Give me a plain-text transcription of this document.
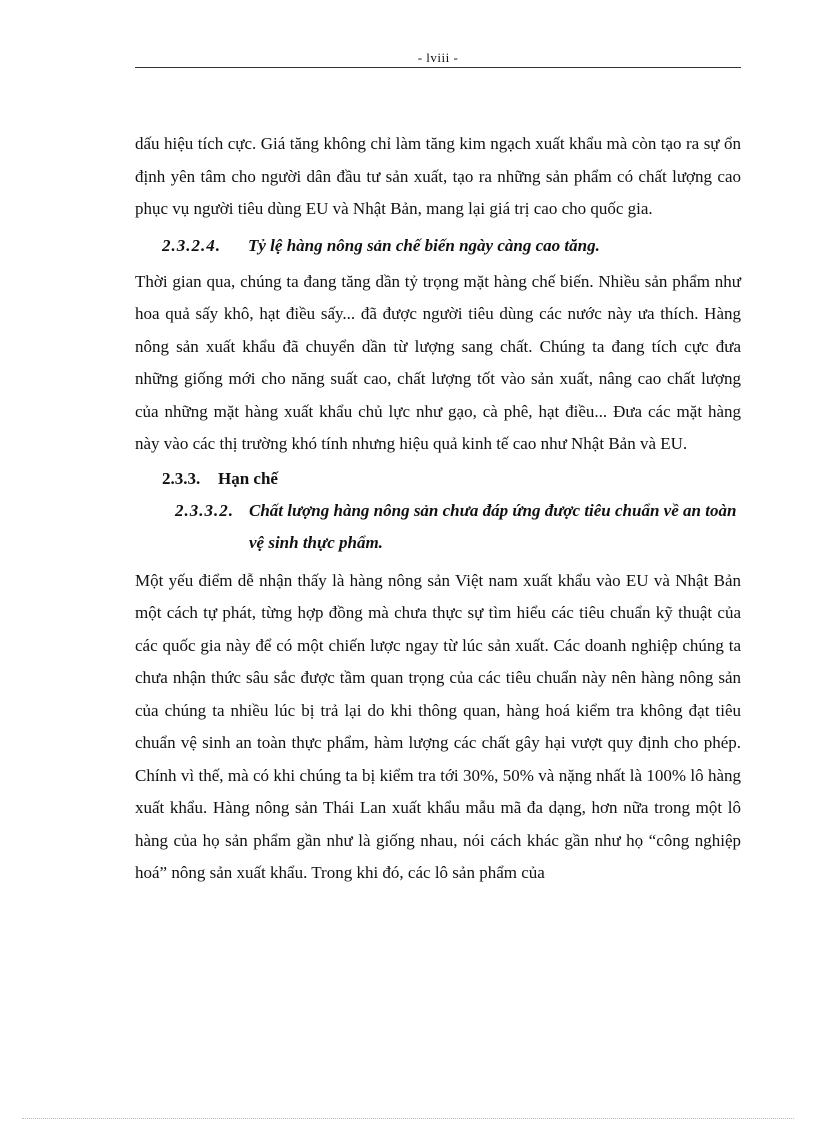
- lviii -

dấu hiệu tích cực. Giá tăng không chỉ làm tăng kim ngạch xuất khẩu mà còn tạo ra sự ổn định yên tâm cho người dân đầu tư sản xuất, tạo ra những sản phẩm có chất lượng cao phục vụ người tiêu dùng EU và Nhật Bản, mang lại giá trị cao cho quốc gia.

2.3.2.4. Tỷ lệ hàng nông sản chế biến ngày càng cao tăng.

Thời gian qua, chúng ta đang tăng dần tỷ trọng mặt hàng chế biến. Nhiều sản phẩm như hoa quả sấy khô, hạt điều sấy... đã được người tiêu dùng các nước này ưa thích. Hàng nông sản xuất khẩu đã chuyển dần từ lượng sang chất. Chúng ta đang tích cực đưa những giống mới cho năng suất cao, chất lượng tốt vào sản xuất, nâng cao chất lượng của những mặt hàng xuất khẩu chủ lực như gạo, cà phê, hạt điều... Đưa các mặt hàng này vào các thị trường khó tính nhưng hiệu quả kinh tế cao như Nhật Bản và EU.

2.3.3. Hạn chế
2.3.3.2. Chất lượng hàng nông sản chưa đáp ứng được tiêu chuẩn về an toàn vệ sinh thực phẩm.

Một yếu điểm dễ nhận thấy là hàng nông sản Việt nam xuất khẩu vào EU và Nhật Bản một cách tự phát, từng hợp đồng mà chưa thực sự tìm hiểu các tiêu chuẩn kỹ thuật của các quốc gia này để có một chiến lược ngay từ lúc sản xuất. Các doanh nghiệp chúng ta chưa nhận thức sâu sắc được tầm quan trọng của các tiêu chuẩn này nên hàng nông sản của chúng ta nhiều lúc bị trả lại do khi thông quan, hàng hoá kiểm tra không đạt tiêu chuẩn vệ sinh an toàn thực phẩm, hàm lượng các chất gây hại vượt quy định cho phép. Chính vì thế, mà có khi chúng ta bị kiểm tra tới 30%, 50% và nặng nhất là 100% lô hàng xuất khẩu. Hàng nông sản Thái Lan xuất khẩu mẫu mã đa dạng, hơn nữa trong một lô hàng của họ sản phẩm gần như là giống nhau, nói cách khác gần như họ “công nghiệp hoá” nông sản xuất khẩu. Trong khi đó, các lô sản phẩm của
